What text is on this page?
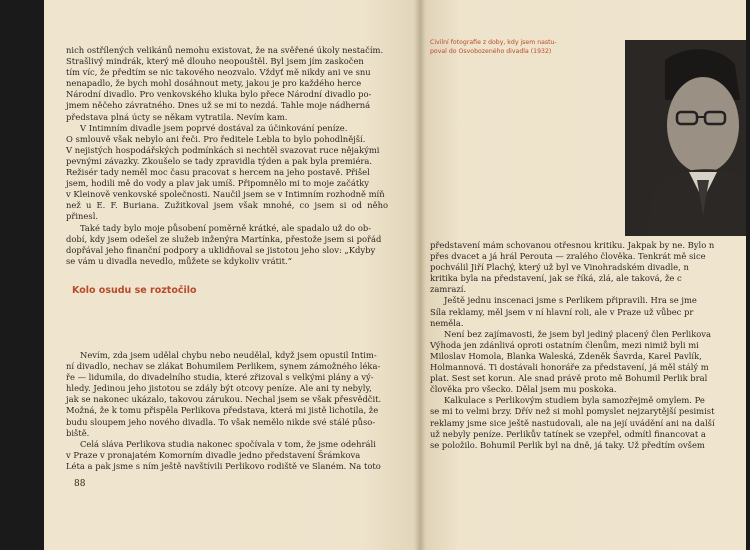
nich ostřílených velikánů nemohu existovat, že na svěřené úkoly nestačím.
Strašlivý mindrák, který mě dlouho neopouštěl. Byl jsem jím zaskočen
tím víc, že předtím se nic takového neozvalo. Vždyť mě nikdy ani ve snu
nenapadlo, že bych mohl dosáhnout mety, jakou je pro každého herce
Národní divadlo. Pro venkovského kluka bylo přece Národní divadlo po-
jmem něčeho závratného. Dnes už se mi to nezdá. Tahle moje nádherná
představa plná úcty se někam vytratila. Nevím kam.

V Intimním divadle jsem poprvé dostával za účinkování peníze.
O smlouvě však nebylo ani řeči. Pro ředitele Lebla to bylo pohodlnější.
V nejistých hospodářských podmínkách si nechtěl svazovat ruce nějakými
pevnými závazky. Zkoušelo se tady zpravidla týden a pak byla premiéra.
Režisér tady neměl moc času pracovat s hercem na jeho postavě. Přišel
jsem, hodili mě do vody a plav jak umíš. Připomnělo mi to moje začátky
v Kleinově venkovské společnosti. Naučil jsem se v Intimním rozhodně míň
než u E. F. Buriana. Zužitkoval jsem však mnohé, co jsem si od něho přinesl.

Také tady bylo moje působení poměrně krátké, ale spadalo už do ob-
dobí, kdy jsem odešel ze služeb inženýra Martínka, přestože jsem si pořád
dopřával jeho finanční podpory a uklidňoval se jistotou jeho slov: „Kdyby
se vám u divadla nevedlo, můžete se kdykoliv vrátit.“

Kolo osudu se roztočilo

Nevím, zda jsem udělal chybu nebo neudělal, když jsem opustil Intim-
ní divadlo, nechav se zlákat Bohumilem Perlikem, synem zámožného léka-
ře — lidumila, do divadelního studia, které zřizoval s velkými plány a vý-
hledy. Jedinou jeho jistotou se zdály být otcovy peníze. Ale ani ty nebyly,
jak se nakonec ukázalo, takovou zárukou. Nechal jsem se však přesvědčit.
Možná, že k tomu přispěla Perlikova představa, která mi jistě lichotila, že
budu sloupem jeho nového divadla. To však nemělo nikde své stálé půso-
biště.

Celá sláva Perlikova studia nakonec spočívala v tom, že jsme odehráli
v Praze v pronajatém Komorním divadle jedno představení Šrámkova
Léta a pak jsme s ním ještě navštívili Perlikovo rodiště ve Slaném. Na toto

88
Civilní fotografie z doby, kdy jsem nastu-
poval do Osvobozeného divadla (1932)

představení mám schovanou otřesnou kritiku. Jakpak by ne. Bylo n
přes dvacet a já hrál Perouta — zralého člověka. Tenkrát mě sice
pochválil Jiří Plachý, který už byl ve Vinohradském divadle, n
kritika byla na představení, jak se říká, zlá, ale taková, že c
zamrazí.

Ještě jednu inscenaci jsme s Perlikem připravili. Hra se jme
Síla reklamy, měl jsem v ní hlavní roli, ale v Praze už vůbec pr
neměla.

Není bez zajímavosti, že jsem byl jediný placený člen Perlikova
Výhoda jen zdánlivá oproti ostatním členům, mezi nimiž byli mi
Miloslav Homola, Blanka Waleská, Zdeněk Śavrda, Karel Pavlík,
Holmannová. Ti dostávali honoráře za představení, já měl stálý m
plat. Sest set korun. Ale snad právě proto mě Bohumil Perlik bral
člověka pro všecko. Dělal jsem mu poskoka.

Kalkulace s Perlikovým studiem byla samozřejmě omylem. Pe
se mi to velmi brzy. Dřív než si mohl pomyslet nejzarytější pesimist
reklamy jsme sice ještě nastudovali, ale na její uvádění ani na další
už nebyly peníze. Perlikův tatínek se vzepřel, odmítl financovat a
se položilo. Bohumil Perlik byl na dně, já taky. Už předtím ovšem
